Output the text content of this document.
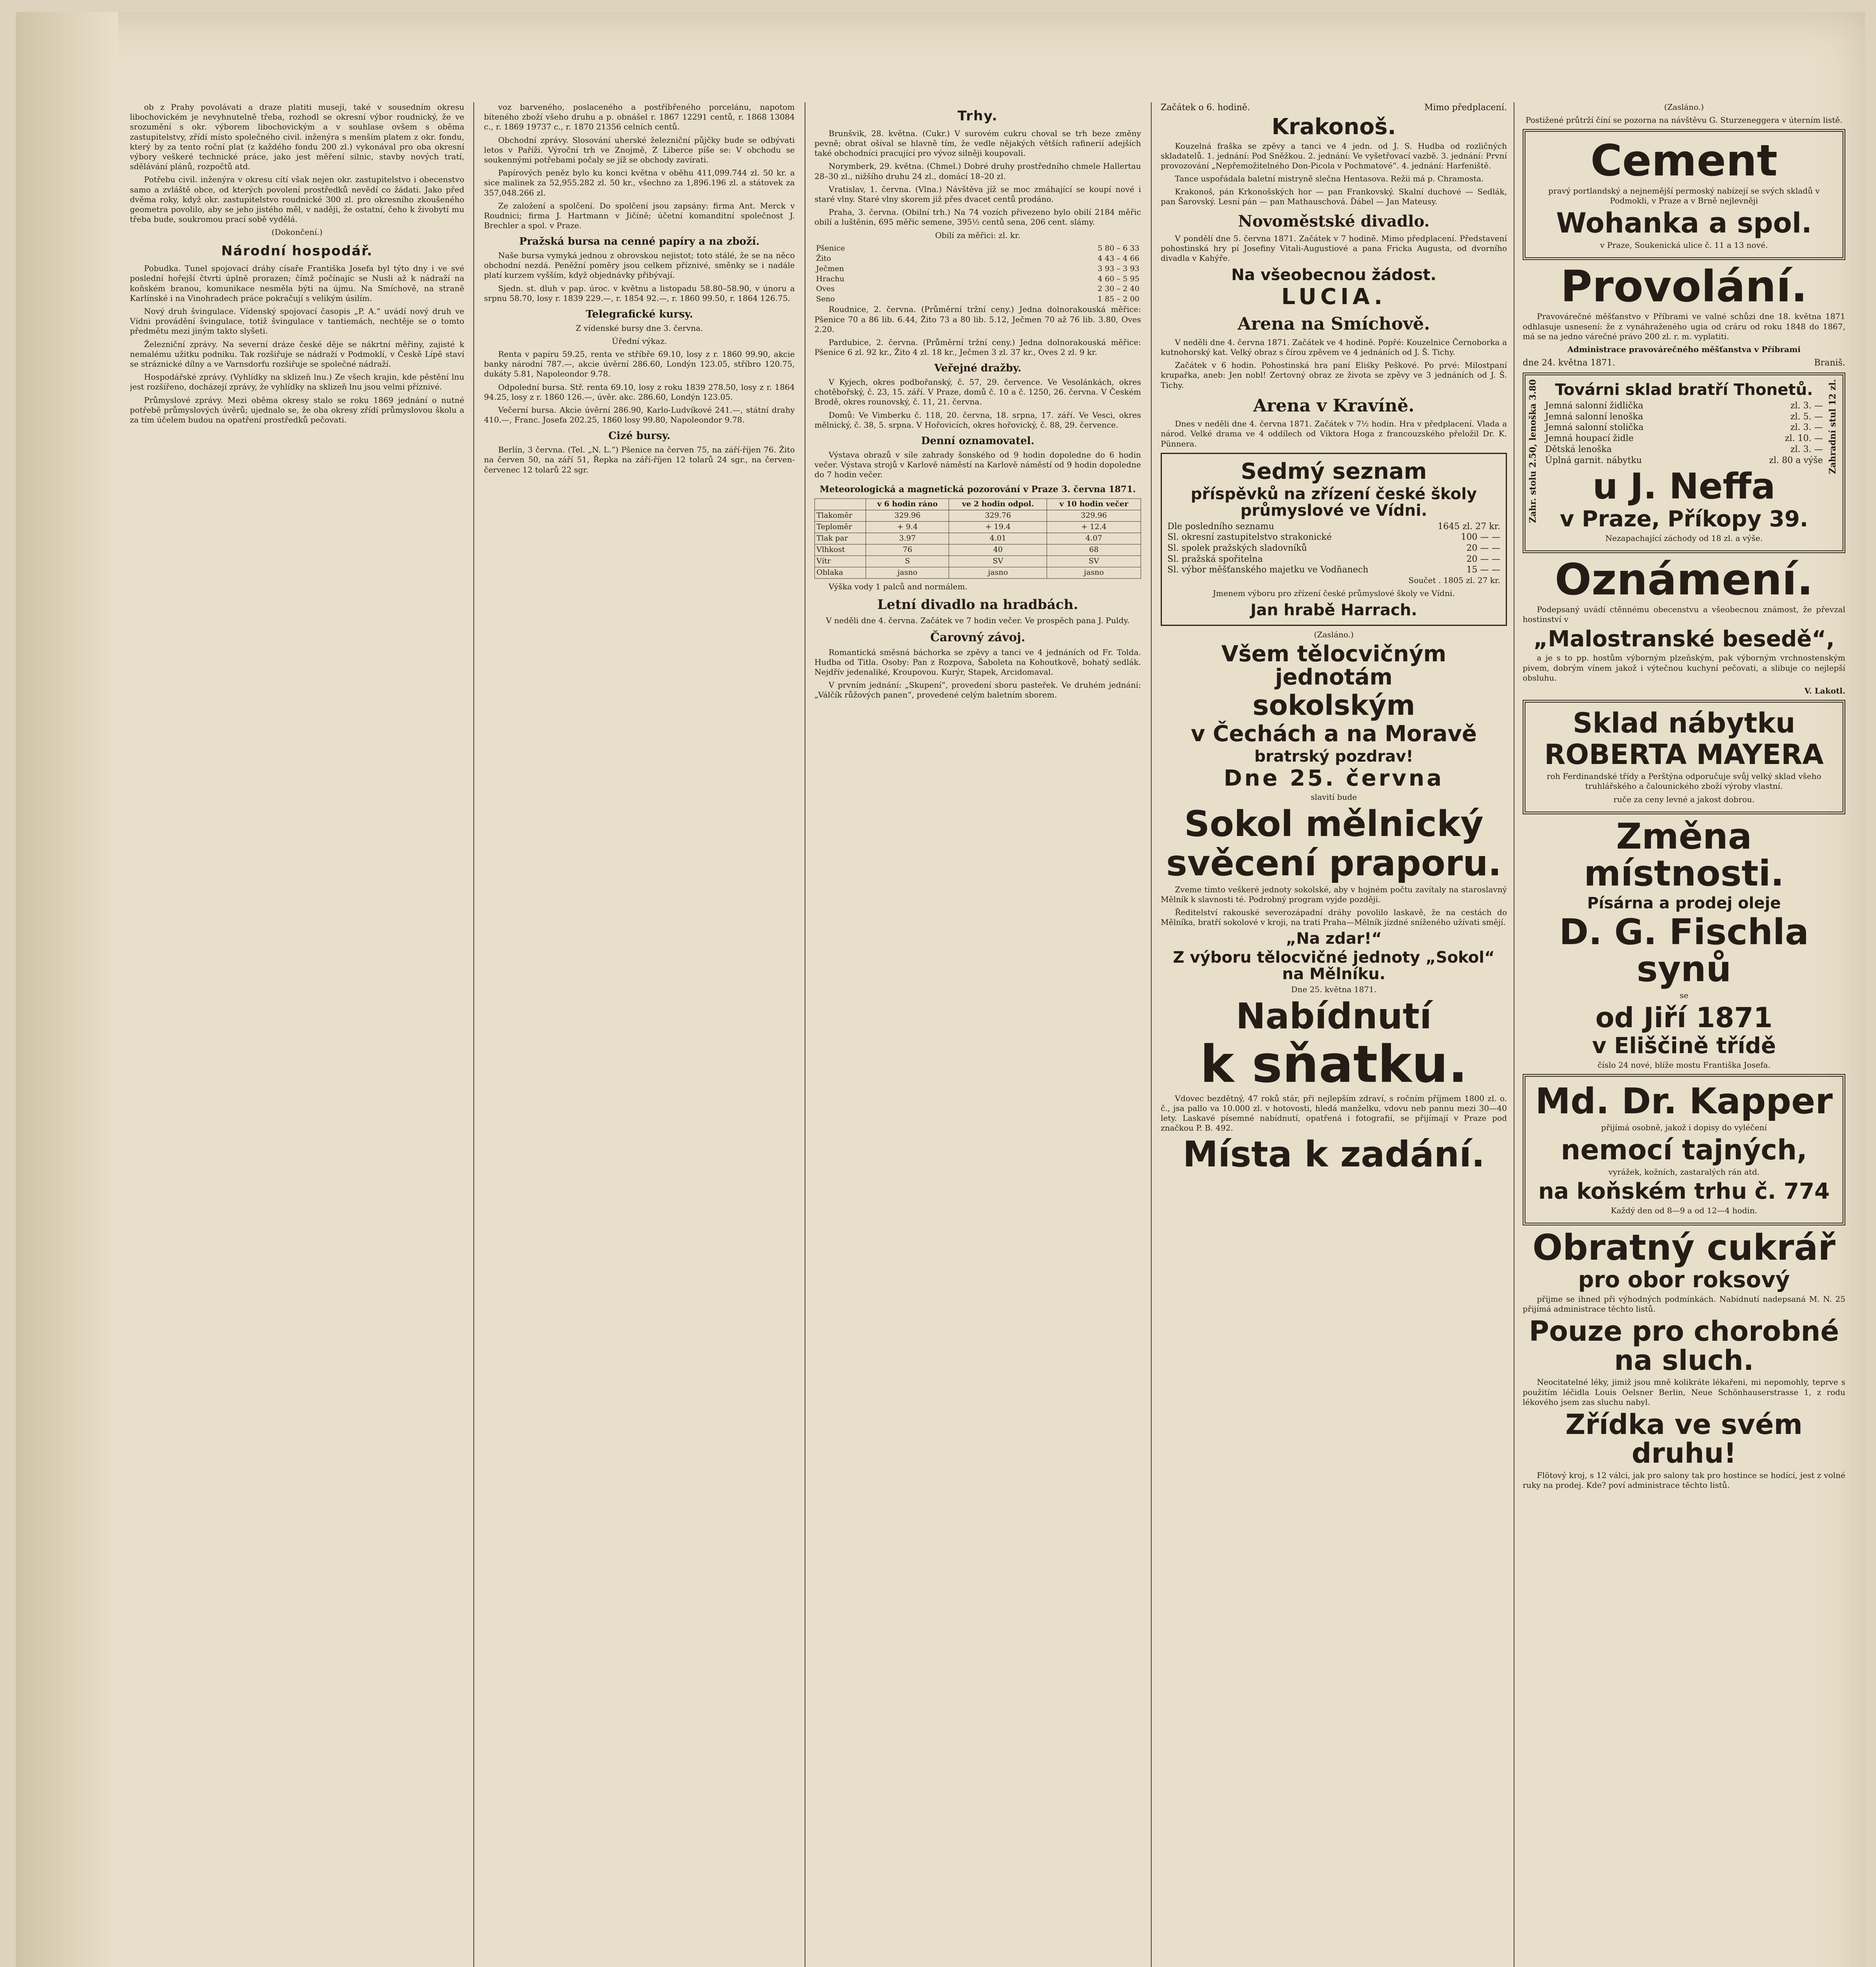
ob z Prahy povolávati a draze platiti musejí, také v sousedním okresu libochovickém je nevyhnutelně třeba, rozhodl se okresní výbor roudnický, že ve srozumění s okr. výborem libochovickým a v souhlase ovšem s oběma zastupitelstvy, zřídí místo společného civil. inženýra s menším platem z okr. fondu, který by za tento roční plat (z každého fondu 200 zl.) vykonával pro oba okresní výbory veškeré technické práce, jako jest měření silnic, stavby nových tratí, sdělávání plánů, rozpočtů atd.

Potřebu civil. inženýra v okresu cítí však nejen okr. zastupitelstvo i obecenstvo samo a zvláště obce, od kterých povolení prostředků nevědí co žádati. Jako před dvěma roky, když okr. zastupitelstvo roudnické 300 zl. pro okresního zkoušeného geometra povolilo, aby se jeho jistého měl, v naději, že ostatní, čeho k živobytí mu třeba bude, soukromou prací sobě vydělá.

(Dokončení.)

Národní hospodář.

Pobudka. Tunel spojovací dráhy císaře Františka Josefa byl týto dny i ve své poslední hořejší čtvrti úplně prorazen; čímž počínajíc se Nusli až k nádraží na koňském branou, komunikace nesměla býti na újmu. Na Smíchově, na straně Karlínské i na Vinohradech práce pokračují s velikým úsilím.

Nový druh švingulace. Vídenský spojovací časopis „P. A.“ uvádí nový druh ve Vídni provádění švingulace, totiž švingulace v tantiemách, nechtěje se o tomto předmětu mezi jiným takto slyšeti.

Železniční zprávy. Na severní dráze české děje se nákrtní měřiny, zajisté k nemalému užitku podniku. Tak rozšiřuje se nádraží v Podmoklí, v Českě Lípě staví se stráznické dílny a ve Varnsdorfu rozšiřuje se společné nádraží.

Hospodářské zprávy. (Vyhlídky na sklizeň lnu.) Ze všech krajin, kde pěstění lnu jest rozšířeno, docházejí zprávy, že vyhlídky na sklizeň lnu jsou velmi příznivé.

Průmyslové zprávy. Mezi oběma okresy stalo se roku 1869 jednání o nutné potřebě průmyslových úvěrů; ujednalo se, že oba okresy zřídí průmyslovou školu a za tím účelem budou na opatření prostředků pečovati.

voz barveného, poslaceného a postříbřeného porcelánu, napotom bíteného zboží všeho druhu a p. obnášel r. 1867 12291 centů, r. 1868 13084 c., r. 1869 19737 c., r. 1870 21356 celních centů.

Obchodní zprávy. Slosování uherské železniční půjčky bude se odbývati letos v Paříži. Výroční trh ve Znojmě, Z Liberce píše se: V obchodu se soukennými potřebami počaly se jíž se obchody zavírati.

Papírových peněz bylo ku konci května v oběhu 411,099.744 zl. 50 kr. a sice malinek za 52,955.282 zl. 50 kr., všechno za 1,896.196 zl. a státovek za 357,048.266 zl.

Ze založení a spolčení. Do spolčení jsou zapsány: firma Ant. Merck v Roudnici; firma J. Hartmann v Jičíně; účetní komanditní společnost J. Brechler a spol. v Praze.

Pražská bursa na cenné papíry a na zboží.

Naše bursa vymyká jednou z obrovskou nejistot; toto stálé, že se na něco obchodní nezdá. Peněžní poměry jsou celkem příznivé, směnky se i nadále platí kurzem vyšším, když objednávky přibývají.

Sjedn. st. dluh v pap. úroc. v květnu a listopadu 58.80–58.90, v únoru a srpnu 58.70, losy r. 1839 229.—, r. 1854 92.—, r. 1860 99.50, r. 1864 126.75.

Telegrafické kursy.

Z vídenské bursy dne 3. června.

Úřední výkaz.

Renta v papíru 59.25, renta ve stříbře 69.10, losy z r. 1860 99.90, akcie banky národní 787.—, akcie úvěrní 286.60, Londýn 123.05, stříbro 120.75, dukáty 5.81, Napoleondor 9.78.

Odpolední bursa. Stř. renta 69.10, losy z roku 1839 278.50, losy z r. 1864 94.25, losy z r. 1860 126.—, úvěr. akc. 286.60, Londýn 123.05.

Večerní bursa. Akcie úvěrní 286.90, Karlo-Ludvíkové 241.—, státní drahy 410.—, Franc. Josefa 202.25, 1860 losy 99.80, Napoleondor 9.78.

Cizé bursy.

Berlín, 3 června. (Tel. „N. L.“) Pšenice na červen 75, na září-říjen 76. Žito na červen 50, na září 51, Řepka na září-říjen 12 tolarů 24 sgr., na červen-červenec 12 tolarů 22 sgr.

Trhy.

Brunšvik, 28. května. (Cukr.) V surovém cukru choval se trh beze změny pevně; obrat ošíval se hlavně tím, že vedle nějakých větších rafinerií adejších také obchodníci pracující pro vývoz silněji koupovali.

Norymberk, 29. května. (Chmel.) Dobré druhy prostředního chmele Hallertau 28–30 zl., nižšího druhu 24 zl., domácí 18–20 zl.

Vratislav, 1. června. (Vlna.) Návštěva jíž se moc zmáhající se koupí nové i staré vlny. Staré vlny skorem již přes dvacet centů prodáno.

Praha, 3. června. (Obilní trh.) Na 74 vozích přivezeno bylo obilí 2184 měřic obilí a luštěnin, 695 měřic semene, 395½ centů sena, 206 cent. slámy.

Obilí za měřici: zl. kr.

Pšenice	5 80 – 6 33
Žito	4 43 – 4 66
Ječmen	3 93 – 3 93
Hrachu	4 60 – 5 95
Oves	2 30 – 2 40
Seno	1 85 – 2 00

Roudnice, 2. června. (Průměrní tržní ceny.) Jedna dolnorakouská měřice: Pšenice 70 a 86 lib. 6.44, Žito 73 a 80 lib. 5.12, Ječmen 70 až 76 lib. 3.80, Oves 2.20.

Pardubice, 2. června. (Průměrní tržní ceny.) Jedna dolnorakouská měřice: Pšenice 6 zl. 92 kr., Žito 4 zl. 18 kr., Ječmen 3 zl. 37 kr., Oves 2 zl. 9 kr.

Veřejné dražby.

V Kyjech, okres podbořanský, č. 57, 29. července. Ve Vesolánkách, okres chotěbořský, č. 23, 15. září. V Praze, domů č. 10 a č. 1250, 26. června. V Českém Brodě, okres rounovský, č. 11, 21. června.

Domů: Ve Vimberku č. 118, 20. června, 18. srpna, 17. září. Ve Vesci, okres mělnický, č. 38, 5. srpna. V Hořovicích, okres hořovický, č. 88, 29. července.

Denní oznamovatel.

Výstava obrazů v síle zahrady šonského od 9 hodin dopoledne do 6 hodin večer. Výstava strojů v Karlově náměstí na Karlově náměstí od 9 hodin dopoledne do 7 hodin večer.

Meteorologická a magnetická pozorování v Praze 3. června 1871.
	v 6 hodin ráno	ve 2 hodin odpol.	v 10 hodin večer
Tlakoměr	329.96	329.76	329.96
Teploměr	+ 9.4	+ 19.4	+ 12.4
Tlak par	3.97	4.01	4.07
Vlhkost	76	40	68
Vítr	S	SV	SV
Oblaka	jasno	jasno	jasno

Výška vody 1 palců and normálem.

Letní divadlo na hradbách.

V neděli dne 4. června. Začátek ve 7 hodin večer. Ve prospěch pana J. Puldy.

Čarovný závoj.

Romantická směsná báchorka se zpěvy a tanci ve 4 jednáních od Fr. Tolda. Hudba od Titla. Osoby: Pan z Rozpova, Šaboleta na Kohoutkově, bohatý sedlák. Nejdřív jedenaliké, Kroupovou. Kurýr, Stapek, Arcidomaval.

V prvním jednání: „Skupení“, provedení sboru pasteřek. Ve druhém jednání: „Válčík růžových panen“, provedené celým baletním sborem.

Začátek o 6. hodině.	Mimo předplacení.
Krakonoš.

Kouzelná fraška se zpěvy a tanci ve 4 jedn. od J. S. Hudba od rozličných skladatelů. 1. jednání: Pod Sněžkou. 2. jednání: Ve vyšetřovací vazbě. 3. jednání: První provozování „Nepřemožitelného Don-Picola v Pochmatové“. 4. jednání: Harfeniště.

Tance uspořádala baletní mistryně slečna Hentasova. Režii má p. Chramosta.

Krakonoš, pán Krkonošských hor — pan Frankovský. Skalní duchové — Sedlák, pan Šarovský. Lesní pán — pan Mathauschová. Ďábel — Jan Mateusy.

Novoměstské divadlo.

V pondělí dne 5. června 1871. Začátek v 7 hodině. Mimo předplacení. Představení pohostinská hry pí Josefiny Vitali-Augustiové a pana Fricka Augusta, od dvorního divadla v Kahýře.

Na všeobecnou žádost.
LUCIA.
Arena na Smíchově.

V neděli dne 4. června 1871. Začátek ve 4 hodině. Popřé: Kouzelnice Černoborka a kutnohorský kat. Velký obraz s čírou zpěvem ve 4 jednáních od J. Š. Tichy.

Začátek v 6 hodin. Pohostinská hra paní Eliśky Peškové. Po prvé: Milostpaní krupařka, aneb: Jen nobl! Zertovný obraz ze života se zpěvy ve 3 jednáních od J. Š. Tichy.

Arena v Kravíně.

Dnes v neděli dne 4. června 1871. Začátek v 7½ hodin. Hra v předplacení. Vlada a národ. Velké drama ve 4 oddílech od Viktora Hoga z francouzského přeložil Dr. K. Pünnera.

Sedmý seznam
příspěvků na zřízení české školy průmyslové ve Vídni.
Dle posledního seznamu	1645 zl. 27 kr.
Sl. okresní zastupitelstvo strakonické	100 — —
Sl. spolek pražských sladovníků	20 — —
Sl. pražská spořitelna	20 — —
Sl. výbor měšťanského majetku ve Vodňanech	15 — —

Součet . 1805 zl. 27 kr.

Jmenem výboru pro zřízení české průmyslové školy ve Vídni.

Jan hrabě Harrach.

(Zasláno.)

Všem tělocvičným jednotám
sokolským
v Čechách a na Moravě
bratrský pozdrav!
Dne 25. června

slavití bude

Sokol mělnický
svěcení praporu.

Zveme tímto veškeré jednoty sokolské, aby v hojném počtu zavítaly na staroslavný Mělník k slavnosti té. Podrobný program vyjde později.

Ředitelství rakouské severozápadní dráhy povolilo laskavě, že na cestách do Mělníka, bratří sokolové v kroji, na trati Praha—Mělník jízdné sníženého užívati smějí.

„Na zdar!“
Z výboru tělocvičné jednoty „Sokol“ na Mělníku.

Dne 25. května 1871.

Nabídnutí
k sňatku.

Vdovec bezdětný, 47 roků stár, při nejlepším zdraví, s ročním příjmem 1800 zl. o. č., jsa pallo va 10.000 zl. v hotovosti, hledá manželku, vdovu neb pannu mezi 30—40 lety. Laskavé písemné nabídnutí, opatřená i fotografií, se přijímají v Praze pod značkou P. B. 492.

Místa k zadání.

(Zasláno.)

Postižené průtrží číní se pozorna na návštěvu G. Sturzeneggera v úterním listě.

Cement

pravý portlandský a nejnemější permoský nabízejí se svých skladů v Podmokli, v Praze a v Brně nejlevněji

Wohanka a spol.

v Praze, Soukenická ulice č. 11 a 13 nové.

Provolání.

Pravovárečné měšťanstvo v Příbrami ve valné schůzi dne 18. května 1871 odhlasuje usnesení: že z vynáhraženého ugia od cráru od roku 1848 do 1867, má se na jedno várečné právo 200 zl. r. m. vyplatiti.

Administrace pravovárečného měšťanstva v Příbrami

dne 24. května 1871.	Braniš.
Zahr. stolu 2.50, lenoška 3.80	Zahradní stul 12 zl.
Továrni sklad bratří Thonetů.
Jemná salonní židlička	zl. 3. —
Jemná salonní lenoška	zl. 5. —
Jemná salonní stolička	zl. 3. —
Jemná houpací židle	zl. 10. —
Dětská lenoška	zl. 3. —
Úplná garnit. nábytku	zl. 80 a výše
u J. Neffa
v Praze, Příkopy 39.

Nezapachající záchody od 18 zl. a výše.

Oznámení.

Podepsaný uvádí ctěnnému obecenstvu a všeobecnou známost, že převzal hostinství v

„Malostranské besedě“,

a je s to pp. hostům výborným plzeňským, pak výborným vrchnostenským pivem, dobrým vínem jakož i výtečnou kuchyní pečovati, a slibuje co nejlepší obsluhu.

V. Lakotl.

Sklad nábytku
ROBERTA MAYERA

roh Ferdinandské třídy a Perštýna odporučuje svůj velký sklad všeho truhlářského a čalounického zboží výroby vlastní.

ruče za ceny levné a jakost dobrou.

Změna místnosti.
Písárna a prodej oleje
D. G. Fischla synů

se

od Jiří 1871
v Eliščině třídě

číslo 24 nové, blíže mostu Františka Josefa.

Md. Dr. Kapper

přijímá osobně, jakož i dopisy do vyléčení

nemocí tajných,

vyrážek, kožních, zastaralých rán atd.

na koňském trhu č. 774

Každý den od 8—9 a od 12—4 hodin.

Obratný cukrář
pro obor roksový

přijme se ihned při výhodných podmínkách. Nabídnutí nadepsaná M. N. 25 přijímá administrace těchto listů.

Pouze pro chorobné na sluch.

Neocitatelné léky, jimiž jsou mně kolikráte lékařeni, mi nepomohly, teprve s použitím léčidla Louis Oelsner Berlin, Neue Schönhauserstrasse 1, z rodu lékového jsem zas sluchu nabyl.

Zřídka ve svém druhu!

Flötový kroj, s 12 válci, jak pro salony tak pro hostince se hodící, jest z volné ruky na prodej. Kde? poví administrace těchto listů.
